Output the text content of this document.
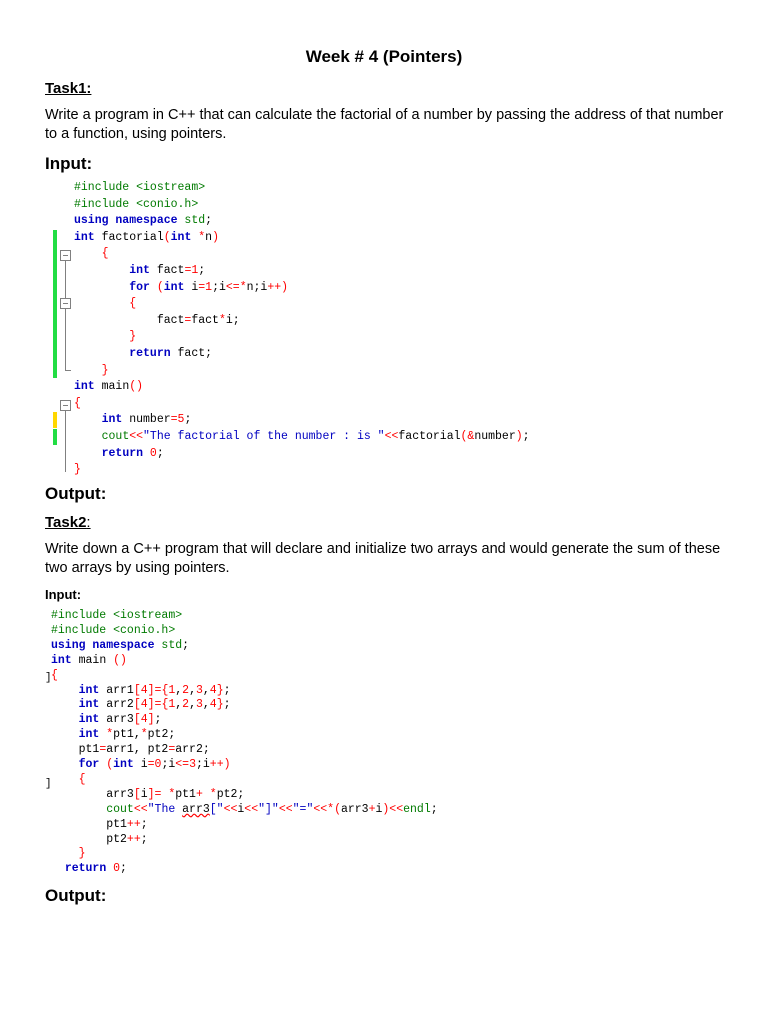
Week # 4 (Pointers)
Task1:
Write a program in C++ that can calculate the factorial of a number by passing the address of that number to a function, using pointers.
Input:
#include <iostream>
#include <conio.h>
using namespace std;
int factorial(int *n)
{
int fact=1;
for (int i=1;i<=*n;i++)
{
fact=fact*i;
}
return fact;
}
int main()
{
int number=5;
cout<<"The factorial of the number : is "<<factorial(&number);
return 0;
}
Output:
Task2:
Write down a C++ program that will declare and initialize two arrays and would generate the sum of these two arrays by using pointers.
Input:
]
]
#include <iostream>
#include <conio.h>
using namespace std;
int main ()
{
int arr1[4]={1,2,3,4};
int arr2[4]={1,2,3,4};
int arr3[4];
int *pt1,*pt2;
pt1=arr1, pt2=arr2;
for (int i=0;i<=3;i++)
{
arr3[i]= *pt1+ *pt2;
cout<<"The arr3["<<i<<"]"<<"="<<*(arr3+i)<<endl;
pt1++;
pt2++;
}
return 0;
Output:
